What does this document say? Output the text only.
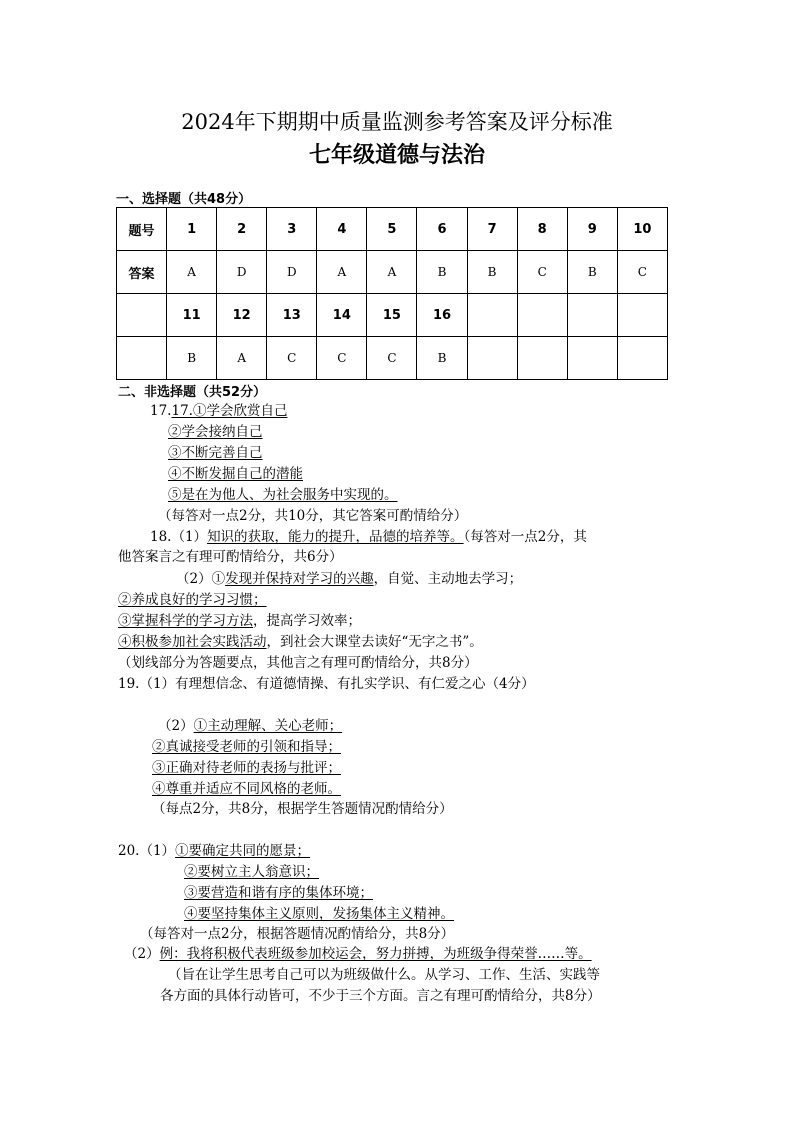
2024年下期期中质量监测参考答案及评分标准
七年级道德与法治
一、选择题（共48分）
题号	1	2	3	4	5	6	7	8	9	10
答案	A	D	D	A	A	B	B	C	B	C
	11	12	13	14	15	16				
	B	A	C	C	C	B				
二、非选择题（共52分）
17.17.①学会欣赏自己
②学会接纳自己
③不断完善自己
④不断发掘自己的潜能
⑤是在为他人、为社会服务中实现的。
（每答对一点2分，共10分，其它答案可酌情给分）
18.（1）知识的获取，能力的提升，品德的培养等。（每答对一点2分，其
他答案言之有理可酌情给分，共6分）
（2）①发现并保持对学习的兴趣，自觉、主动地去学习；
②养成良好的学习习惯；
③掌握科学的学习方法，提高学习效率；
④积极参加社会实践活动，到社会大课堂去读好“无字之书”。
（划线部分为答题要点，其他言之有理可酌情给分，共8分）
19.（1）有理想信念、有道德情操、有扎实学识、有仁爱之心（4分）
（2）①主动理解、关心老师；
②真诚接受老师的引领和指导；
③正确对待老师的表扬与批评；
④尊重并适应不同风格的老师。
（每点2分，共8分，根据学生答题情况酌情给分）
20.（1）①要确定共同的愿景；
②要树立主人翁意识；
③要营造和谐有序的集体环境；
④要坚持集体主义原则，发扬集体主义精神。
（每答对一点2分，根据答题情况酌情给分，共8分）
（2）例：我将积极代表班级参加校运会，努力拼搏，为班级争得荣誉……等。
（旨在让学生思考自己可以为班级做什么。从学习、工作、生活、实践等
各方面的具体行动皆可，不少于三个方面。言之有理可酌情给分，共8分）
